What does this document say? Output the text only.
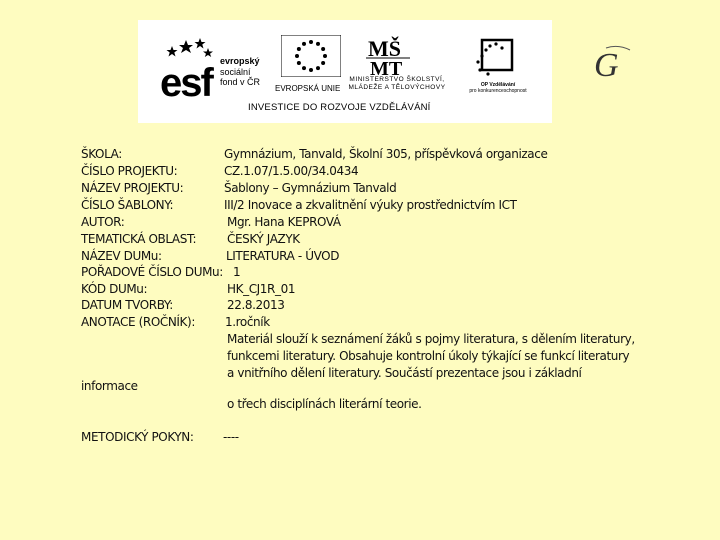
esf evropský
sociální
fond v ČR
EVROPSKÁ UNIE
MŠ
MT
MINISTERSTVO ŠKOLSTVÍ, MLÁDEŽE A TĚLOVÝCHOVY	OP Vzdělávání
pro konkurenceschopnost
INVESTICE DO ROZVOJE VZDĚLÁVÁNÍ
G
ŠKOLA:	Gymnázium, Tanvald, Školní 305, příspěvková organizace
ČÍSLO PROJEKTU:	CZ.1.07/1.5.00/34.0434
NÁZEV PROJEKTU:	Šablony – Gymnázium Tanvald
ČÍSLO ŠABLONY:	III/2 Inovace a zkvalitnění výuky prostřednictvím ICT
AUTOR:	Mgr. Hana KEPROVÁ
TEMATICKÁ OBLAST:	ČESKÝ JAZYK
NÁZEV DUMu:	LITERATURA - ÚVOD
POŘADOVÉ ČÍSLO DUMu: 1
KÓD DUMu:	HK_CJ1R_01
DATUM TVORBY:	22.8.2013
ANOTACE (ROČNÍK):	1.ročník
Materiál slouží k seznámení žáků s pojmy literatura, s dělením literatury,
funkcemi literatury. Obsahuje kontrolní úkoly týkající se funkcí literatury
a vnitřního dělení literatury. Součástí prezentace jsou i základní
informace
o třech disciplínách literární teorie.
METODICKÝ POKYN: ----
